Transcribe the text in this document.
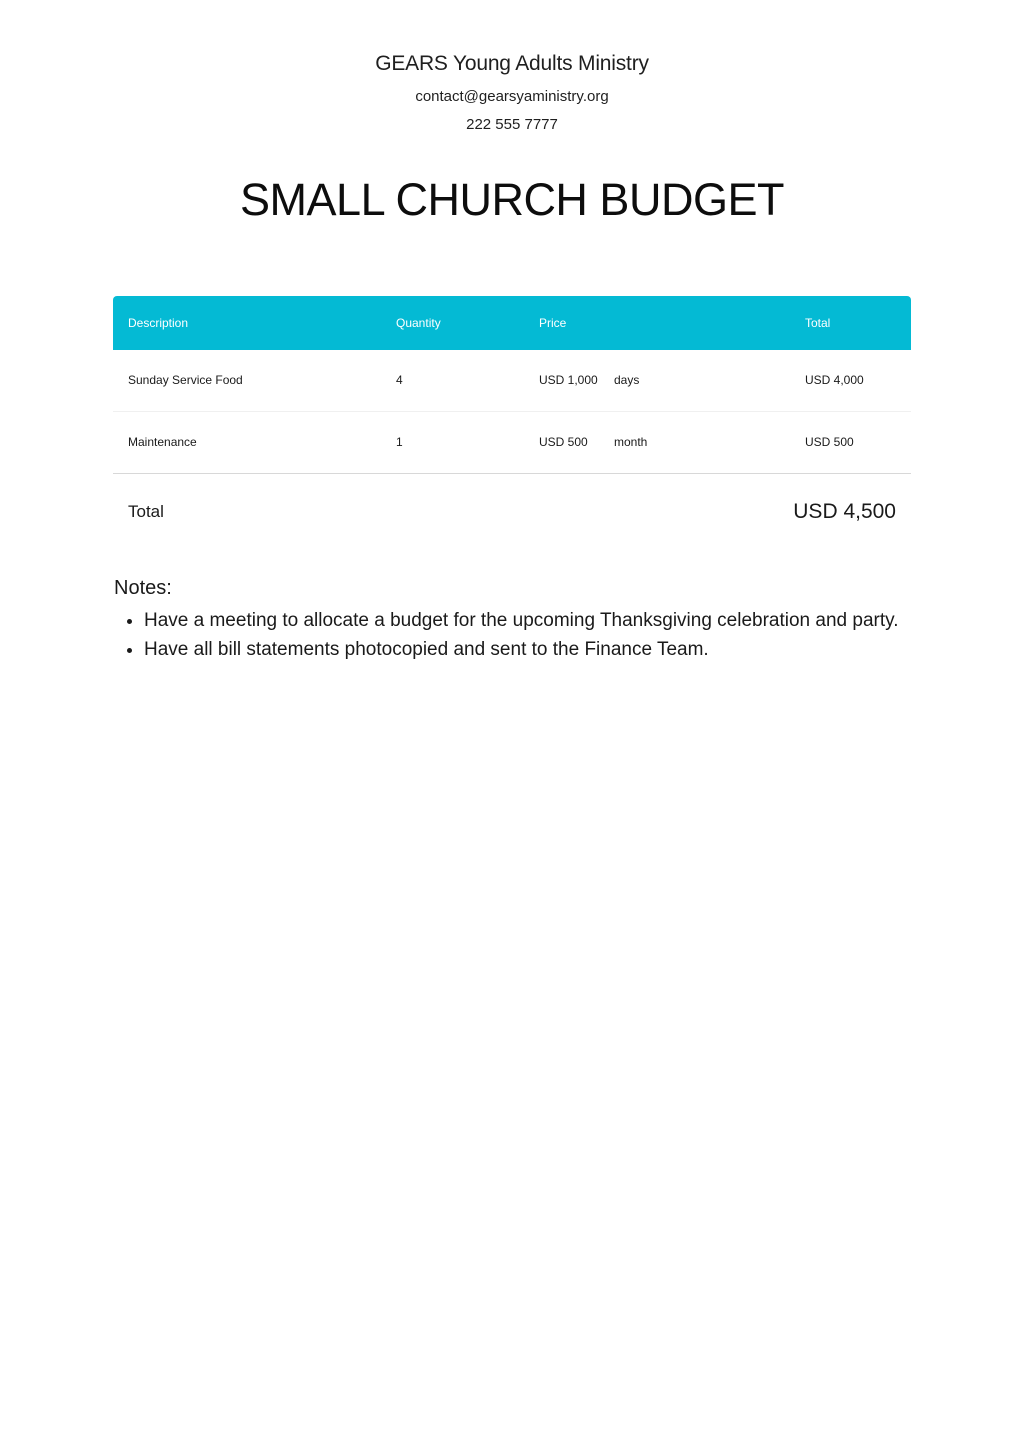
GEARS Young Adults Ministry
contact@gearsyaministry.org
222 555 7777
SMALL CHURCH BUDGET
Description	Quantity	Price	Total
Sunday Service Food	4	USD 1,000 days	USD 4,000
Maintenance	1	USD 500 month	USD 500
Total	USD 4,500
Notes:
• Have a meeting to allocate a budget for the upcoming Thanksgiving celebration and party.
• Have all bill statements photocopied and sent to the Finance Team.
